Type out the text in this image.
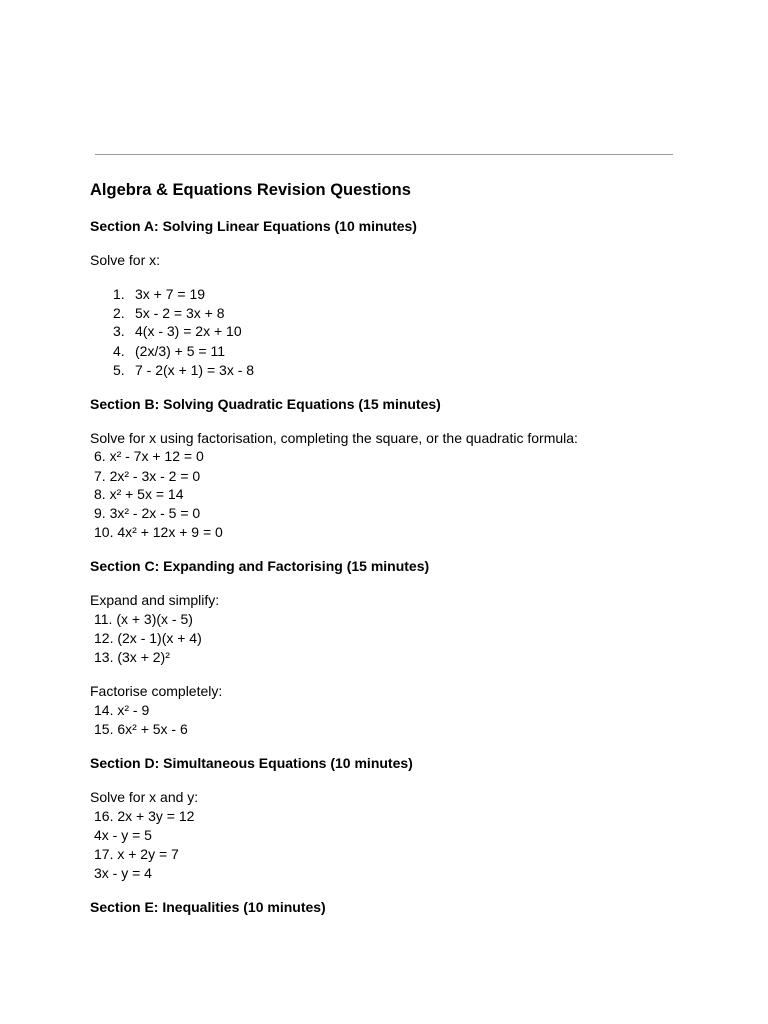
Algebra & Equations Revision Questions
Section A: Solving Linear Equations (10 minutes)
Solve for x:
1. 3x + 7 = 19
2. 5x - 2 = 3x + 8
3. 4(x - 3) = 2x + 10
4. (2x/3) + 5 = 11
5. 7 - 2(x + 1) = 3x - 8
Section B: Solving Quadratic Equations (15 minutes)
Solve for x using factorisation, completing the square, or the quadratic formula:
6. x² - 7x + 12 = 0
7. 2x² - 3x - 2 = 0
8. x² + 5x = 14
9. 3x² - 2x - 5 = 0
10. 4x² + 12x + 9 = 0
Section C: Expanding and Factorising (15 minutes)
Expand and simplify:
11. (x + 3)(x - 5)
12. (2x - 1)(x + 4)
13. (3x + 2)²
Factorise completely:
14. x² - 9
15. 6x² + 5x - 6
Section D: Simultaneous Equations (10 minutes)
Solve for x and y:
16. 2x + 3y = 12
4x - y = 5
17. x + 2y = 7
3x - y = 4
Section E: Inequalities (10 minutes)
